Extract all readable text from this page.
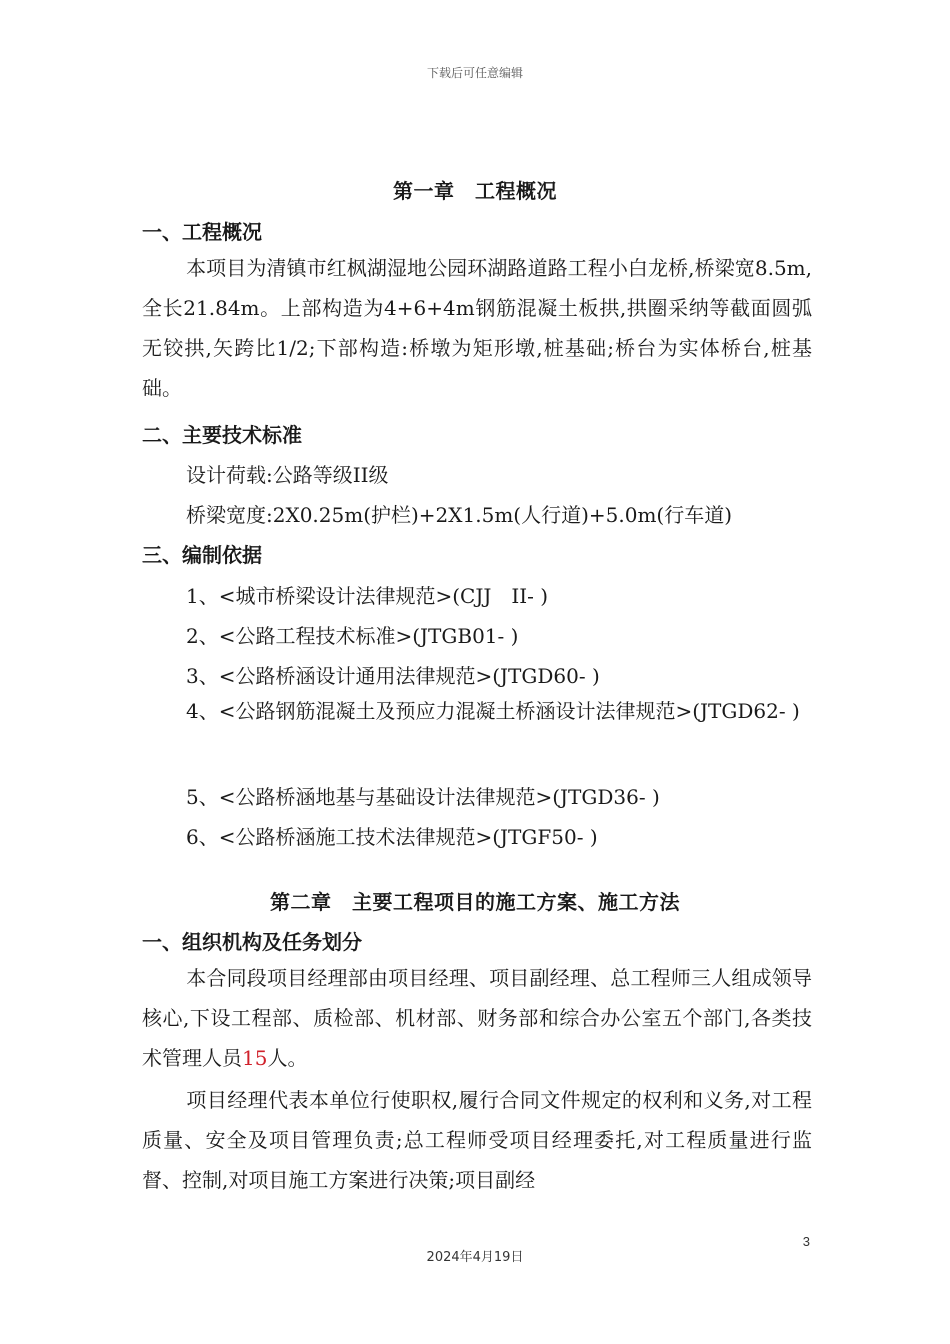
下载后可任意编辑
第一章　工程概况
一、工程概况
本项目为清镇市红枫湖湿地公园环湖路道路工程小白龙桥,桥梁宽8.5m,全长21.84m。上部构造为4+6+4m钢筋混凝土板拱,拱圈采纳等截面圆弧无铰拱,矢跨比1/2;下部构造:桥墩为矩形墩,桩基础;桥台为实体桥台,桩基础。
二、主要技术标准
设计荷载:公路等级II级
桥梁宽度:2X0.25m(护栏)+2X1.5m(人行道)+5.0m(行车道)
三、编制依据
1、<城市桥梁设计法律规范>(CJJ　II- )
2、<公路工程技术标准>(JTGB01- )
3、<公路桥涵设计通用法律规范>(JTGD60- )
4、<公路钢筋混凝土及预应力混凝土桥涵设计法律规范>(JTGD62- )
5、<公路桥涵地基与基础设计法律规范>(JTGD36- )
6、<公路桥涵施工技术法律规范>(JTGF50- )
第二章　主要工程项目的施工方案、施工方法
一、组织机构及任务划分
本合同段项目经理部由项目经理、项目副经理、总工程师三人组成领导核心,下设工程部、质检部、机材部、财务部和综合办公室五个部门,各类技术管理人员15人。
项目经理代表本单位行使职权,履行合同文件规定的权利和义务,对工程质量、安全及项目管理负责;总工程师受项目经理委托,对工程质量进行监督、控制,对项目施工方案进行决策;项目副经
3
2024年4月19日
